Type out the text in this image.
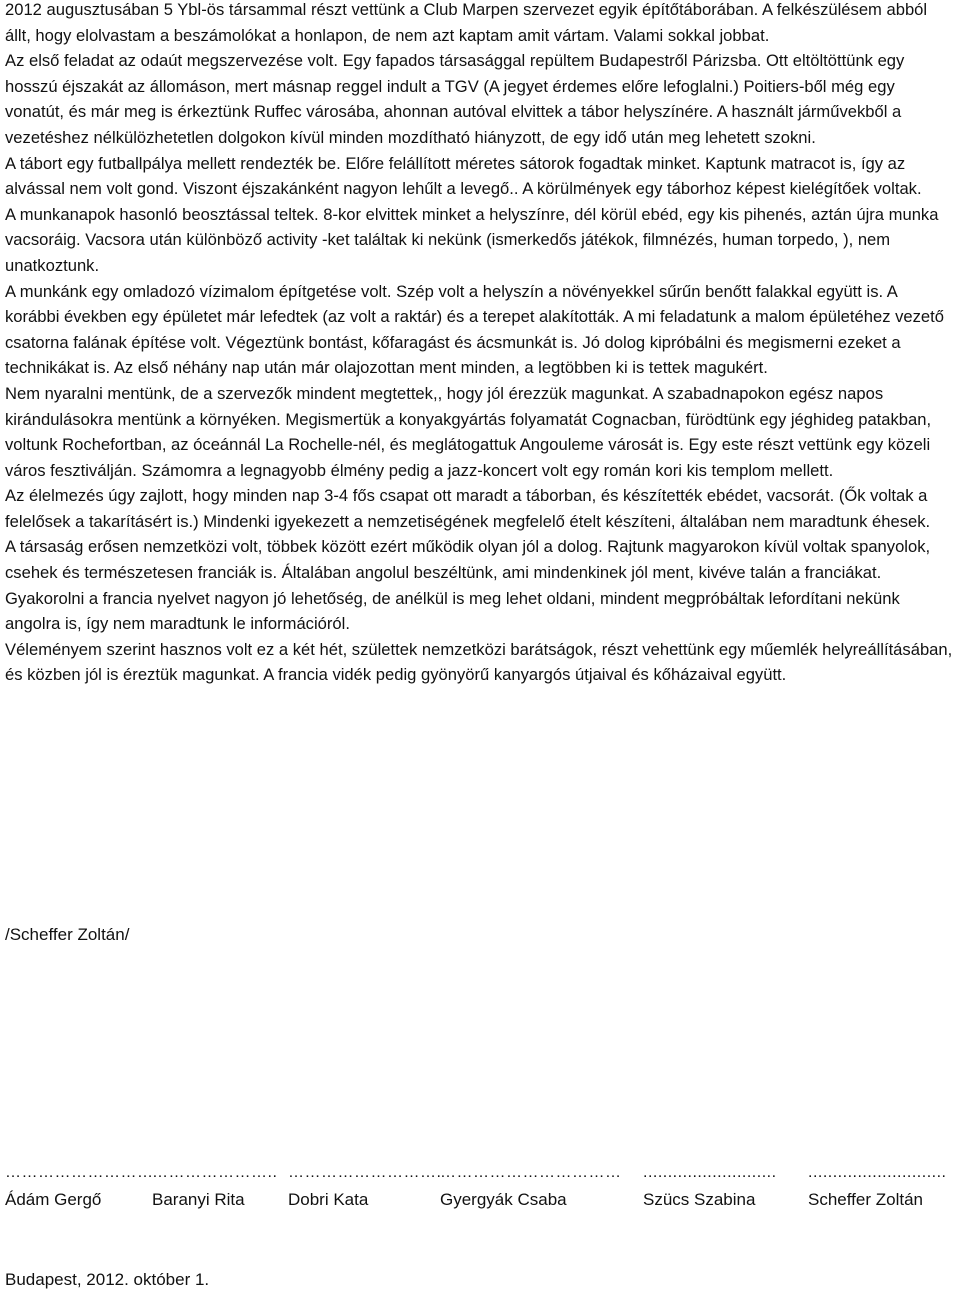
2012 augusztusában 5 Ybl-ös társammal részt vettünk a Club Marpen szervezet egyik építőtáborában. A felkészülésem abból állt, hogy elolvastam a beszámolókat a honlapon, de nem azt kaptam amit vártam. Valami sokkal jobbat.

Az első feladat az odaút megszervezése volt. Egy fapados társasággal repültem Budapestről Párizsba. Ott eltöltöttünk egy hosszú éjszakát az állomáson, mert másnap reggel indult a TGV (A jegyet érdemes előre lefoglalni.) Poitiers-ből még egy vonatút, és már meg is érkeztünk Ruffec városába, ahonnan autóval elvittek a tábor helyszínére. A használt járművekből a vezetéshez nélkülözhetetlen dolgokon kívül minden mozdítható hiányzott, de egy idő után meg lehetett szokni.

A tábort egy futballpálya mellett rendezték be. Előre felállított méretes sátorok fogadtak minket. Kaptunk matracot is, így az alvással nem volt gond. Viszont éjszakánként nagyon lehűlt a levegő.. A körülmények egy táborhoz képest kielégítőek voltak.

A munkanapok hasonló beosztással teltek. 8-kor elvittek minket a helyszínre, dél körül ebéd, egy kis pihenés, aztán újra munka vacsoráig. Vacsora után különböző activity -ket találtak ki nekünk (ismerkedős játékok, filmnézés, human torpedo, ), nem unatkoztunk.

A munkánk egy omladozó vízimalom építgetése volt. Szép volt a helyszín a növényekkel sűrűn benőtt falakkal együtt is. A korábbi években egy épületet már lefedtek (az volt a raktár) és a terepet alakították. A mi feladatunk a malom épületéhez vezető csatorna falának építése volt. Végeztünk bontást, kőfaragást és ácsmunkát is. Jó dolog kipróbálni és megismerni ezeket a technikákat is. Az első néhány nap után már olajozottan ment minden, a legtöbben ki is tettek magukért.

Nem nyaralni mentünk, de a szervezők mindent megtettek,, hogy jól érezzük magunkat. A szabadnapokon egész napos kirándulásokra mentünk a környéken. Megismertük a konyakgyártás folyamatát Cognacban, fürödtünk egy jéghideg patakban, voltunk Rochefortban, az óceánnál La Rochelle-nél, és meglátogattuk Angouleme városát is. Egy este részt vettünk egy közeli város fesztiválján. Számomra a legnagyobb élmény pedig a jazz-koncert volt egy román kori kis templom mellett.

Az élelmezés úgy zajlott, hogy minden nap 3-4 fős csapat ott maradt a táborban, és készítették ebédet, vacsorát. (Ők voltak a felelősek a takarításért is.) Mindenki igyekezett a nemzetiségének megfelelő ételt készíteni, általában nem maradtunk éhesek.

A társaság erősen nemzetközi volt, többek között ezért működik olyan jól a dolog. Rajtunk magyarokon kívül voltak spanyolok, csehek és természetesen franciák is. Általában angolul beszéltünk, ami mindenkinek jól ment, kivéve talán a franciákat. Gyakorolni a francia nyelvet nagyon jó lehetőség, de anélkül is meg lehet oldani, mindent megpróbáltak lefordítani nekünk angolra is, így nem maradtunk le információról.

Véleményem szerint hasznos volt ez a két hét, születtek nemzetközi barátságok, részt vehettünk egy műemlék helyreállításában, és közben jól is éreztük magunkat. A francia vidék pedig gyönyörű kanyargós útjaival és kőházaival együtt.

/Scheffer Zoltán/

………………………
Ádám Gergő
…………………..
Baranyi Rita
……………………….
Dobri Kata
……………………………
Gyergyák Csaba
...........................
Szücs Szabina
............................
Scheffer Zoltán

Budapest, 2012. október 1.
